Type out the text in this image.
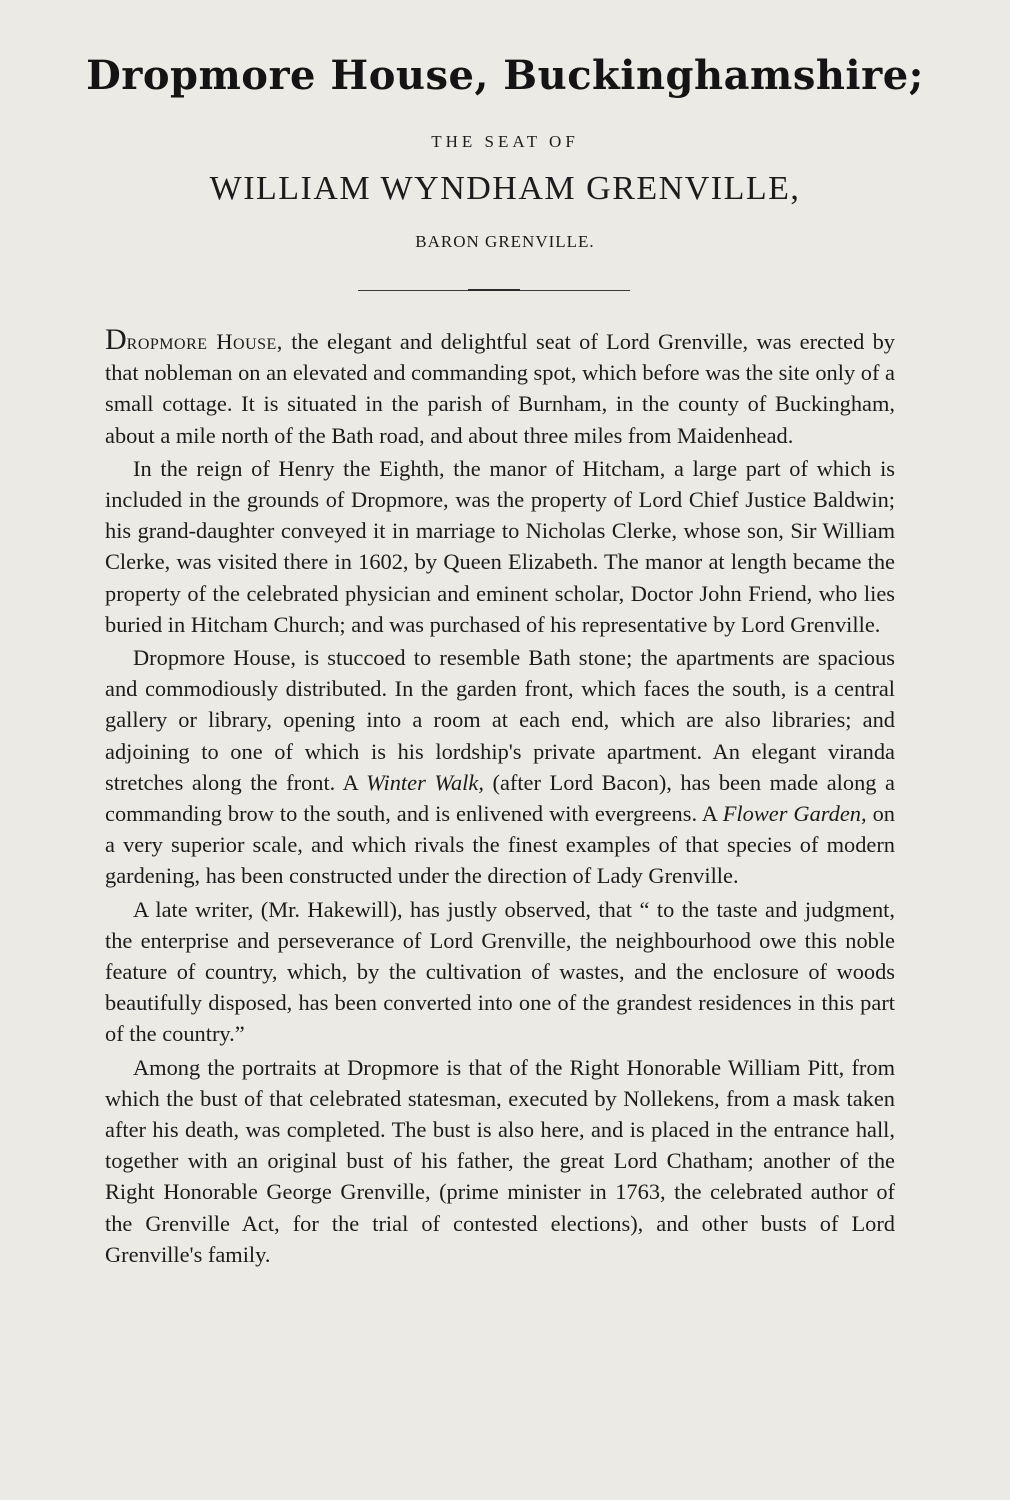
Dropmore House, Buckinghamshire;
THE SEAT OF
WILLIAM WYNDHAM GRENVILLE,
BARON GRENVILLE.

Dropmore House, the elegant and delightful seat of Lord Grenville, was erected by that nobleman on an elevated and commanding spot, which before was the site only of a small cottage. It is situated in the parish of Burnham, in the county of Buckingham, about a mile north of the Bath road, and about three miles from Maidenhead.

In the reign of Henry the Eighth, the manor of Hitcham, a large part of which is included in the grounds of Dropmore, was the property of Lord Chief Justice Baldwin; his grand-daughter conveyed it in marriage to Nicholas Clerke, whose son, Sir William Clerke, was visited there in 1602, by Queen Elizabeth. The manor at length became the property of the celebrated physician and eminent scholar, Doctor John Friend, who lies buried in Hitcham Church; and was purchased of his representative by Lord Grenville.

Dropmore House, is stuccoed to resemble Bath stone; the apartments are spacious and commodiously distributed. In the garden front, which faces the south, is a central gallery or library, opening into a room at each end, which are also libraries; and adjoining to one of which is his lordship's private apartment. An elegant viranda stretches along the front. A Winter Walk, (after Lord Bacon), has been made along a commanding brow to the south, and is enlivened with evergreens. A Flower Garden, on a very superior scale, and which rivals the finest examples of that species of modern gardening, has been constructed under the direction of Lady Grenville.

A late writer, (Mr. Hakewill), has justly observed, that “ to the taste and judgment, the enterprise and perseverance of Lord Grenville, the neighbourhood owe this noble feature of country, which, by the cultivation of wastes, and the enclosure of woods beautifully disposed, has been converted into one of the grandest residences in this part of the country.”

Among the portraits at Dropmore is that of the Right Honorable William Pitt, from which the bust of that celebrated statesman, executed by Nollekens, from a mask taken after his death, was completed. The bust is also here, and is placed in the entrance hall, together with an original bust of his father, the great Lord Chatham; another of the Right Honorable George Grenville, (prime minister in 1763, the celebrated author of the Grenville Act, for the trial of contested elections), and other busts of Lord Grenville's family.
